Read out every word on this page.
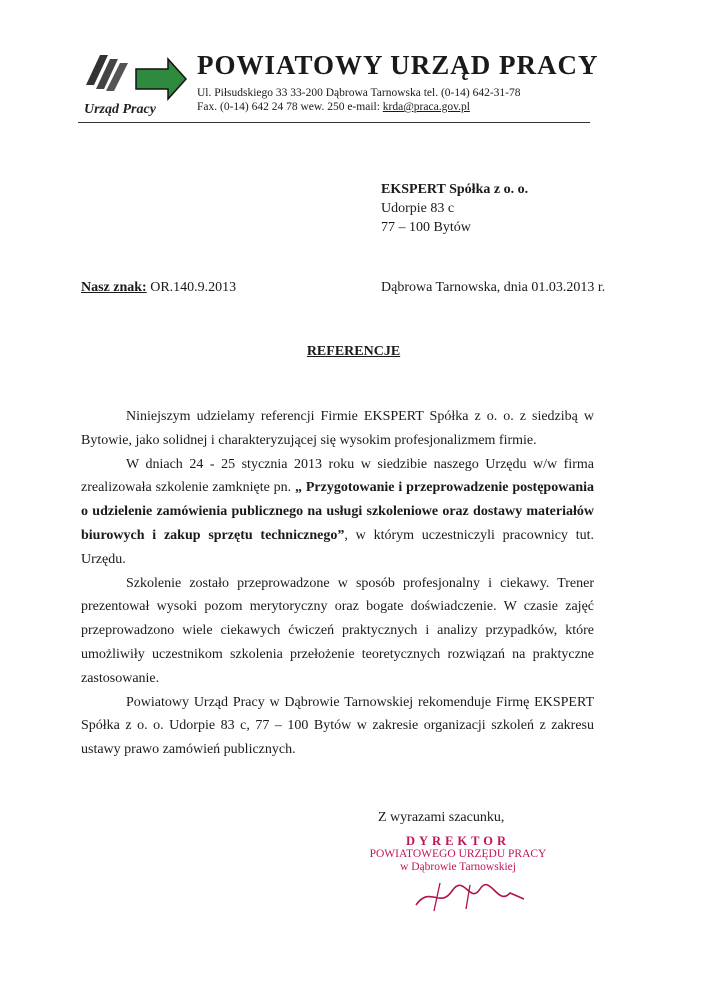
Urząd Pracy
POWIATOWY URZĄD PRACY
Ul. Piłsudskiego 33 33-200 Dąbrowa Tarnowska tel. (0-14) 642-31-78
Fax. (0-14) 642 24 78 wew. 250 e-mail: krda@praca.gov.pl
EKSPERT Spółka z o. o.
Udorpie 83 c
77 – 100 Bytów
Nasz znak: OR.140.9.2013	Dąbrowa Tarnowska, dnia 01.03.2013 r.
REFERENCJE

Niniejszym udzielamy referencji Firmie EKSPERT Spółka z o. o. z siedzibą w Bytowie, jako solidnej i charakteryzującej się wysokim profesjonalizmem firmie.

W dniach 24 - 25 stycznia 2013 roku w siedzibie naszego Urzędu w/w firma zrealizowała szkolenie zamknięte pn. „ Przygotowanie i przeprowadzenie postępowania o udzielenie zamówienia publicznego na usługi szkoleniowe oraz dostawy materiałów biurowych i zakup sprzętu technicznego”, w którym uczestniczyli pracownicy tut. Urzędu.

Szkolenie zostało przeprowadzone w sposób profesjonalny i ciekawy. Trener prezentował wysoki pozom merytoryczny oraz bogate doświadczenie. W czasie zajęć przeprowadzono wiele ciekawych ćwiczeń praktycznych i analizy przypadków, które umożliwiły uczestnikom szkolenia przełożenie teoretycznych rozwiązań na praktyczne zastosowanie.

Powiatowy Urząd Pracy w Dąbrowie Tarnowskiej rekomenduje Firmę EKSPERT Spółka z o. o. Udorpie 83 c, 77 – 100 Bytów w zakresie organizacji szkoleń z zakresu ustawy prawo zamówień publicznych.

Z wyrazami szacunku,
DYREKTOR
POWIATOWEGO URZĘDU PRACY
w Dąbrowie Tarnowskiej
